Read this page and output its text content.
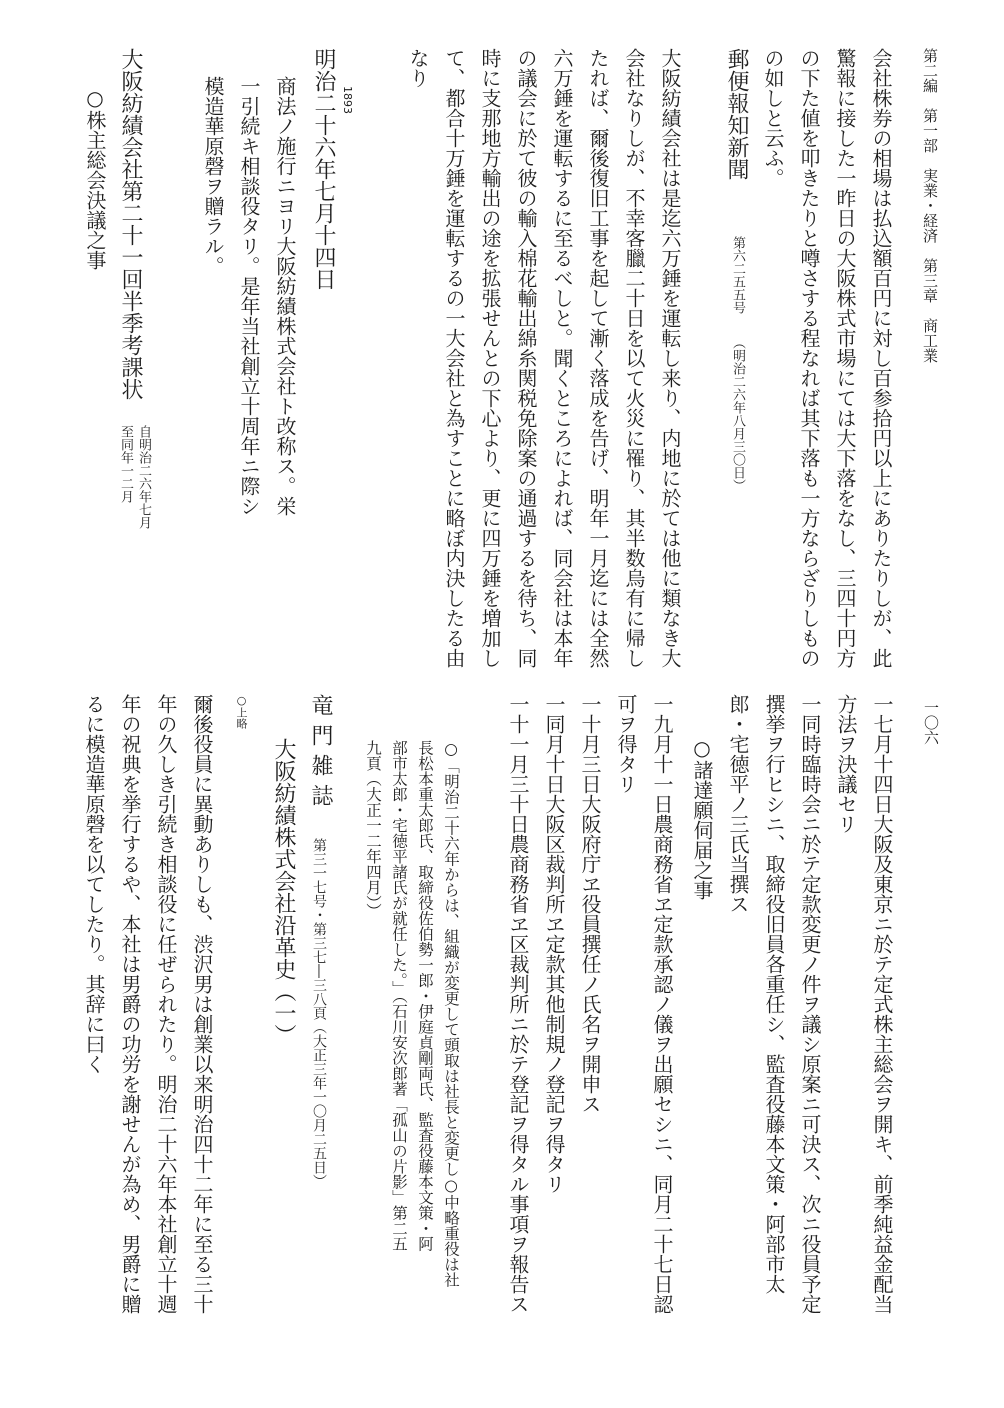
第二編　第一部　実業・経済　第三章　商工業
一〇六

会社株券の相場は払込額百円に対し百参拾円以上にありたりしが、此
驚報に接した一昨日の大阪株式市場にては大下落をなし、三四十円方
の下た値を叩きたりと噂さする程なれば其下落も一方ならざりしもの
の如しと云ふ。

郵便報知新聞
第六二五五号
（明治二六年八月三〇日）

大阪紡績会社は是迄六万錘を運転し来り、内地に於ては他に類なき大
会社なりしが、不幸客臘二十日を以て火災に罹り、其半数烏有に帰し
たれば、爾後復旧工事を起して漸く落成を告げ、明年一月迄には全然
六万錘を運転するに至るべしと。聞くところによれば、同会社は本年
の議会に於て彼の輸入棉花輸出綿糸関税免除案の通過するを待ち、同
時に支那地方輸出の途を拡張せんとの下心より、更に四万錘を増加し
て、都合十万錘を運転するの一大会社と為すことに略ぼ内決したる由
なり

1893
明治二十六年七月十四日

商法ノ施行ニヨリ大阪紡績株式会社ト改称ス。栄
一引続キ相談役タリ。是年当社創立十周年ニ際シ
模造華原磬ヲ贈ラル。

大阪紡績会社第二十一回半季考課状
自明治二六年七月
至同年一二月
○株主総会決議之事

一七月十四日大阪及東京ニ於テ定式株主総会ヲ開キ、前季純益金配当
方法ヲ決議セリ
一同時臨時会ニ於テ定款変更ノ件ヲ議シ原案ニ可決ス、次ニ役員予定
撰挙ヲ行ヒシニ、取締役旧員各重任シ、監査役藤本文策・阿部市太
郎・宅徳平ノ三氏当撰ス

○諸達願伺届之事

一九月十一日農商務省ヱ定款承認ノ儀ヲ出願セシニ、同月二十七日認
可ヲ得タリ
一十月三日大阪府庁ヱ役員撰任ノ氏名ヲ開申ス
一同月十日大阪区裁判所ヱ定款其他制規ノ登記ヲ得タリ
一十一月三十日農商務省ヱ区裁判所ニ於テ登記ヲ得タル事項ヲ報告ス

○「明治二十六年からは、組織が変更して頭取は社長と変更し○中略重役は社
長松本重太郎氏、取締役佐伯勢一郎・伊庭貞剛両氏、監査役藤本文策・阿
部市太郎・宅徳平諸氏が就任した。」（石川安次郎著「孤山の片影」第二五
九頁（大正一二年四月））

竜門雑誌
第三一七号・第三七―三八頁（大正三年一〇月二五日）
大阪紡績株式会社沿革史（一）
○上略

爾後役員に異動ありしも、渋沢男は創業以来明治四十二年に至る三十
年の久しき引続き相談役に任ぜられたり。明治二十六年本社創立十週
年の祝典を挙行するや、本社は男爵の功労を謝せんが為め、男爵に贈
るに模造華原磬を以てしたり。其辞に曰く
